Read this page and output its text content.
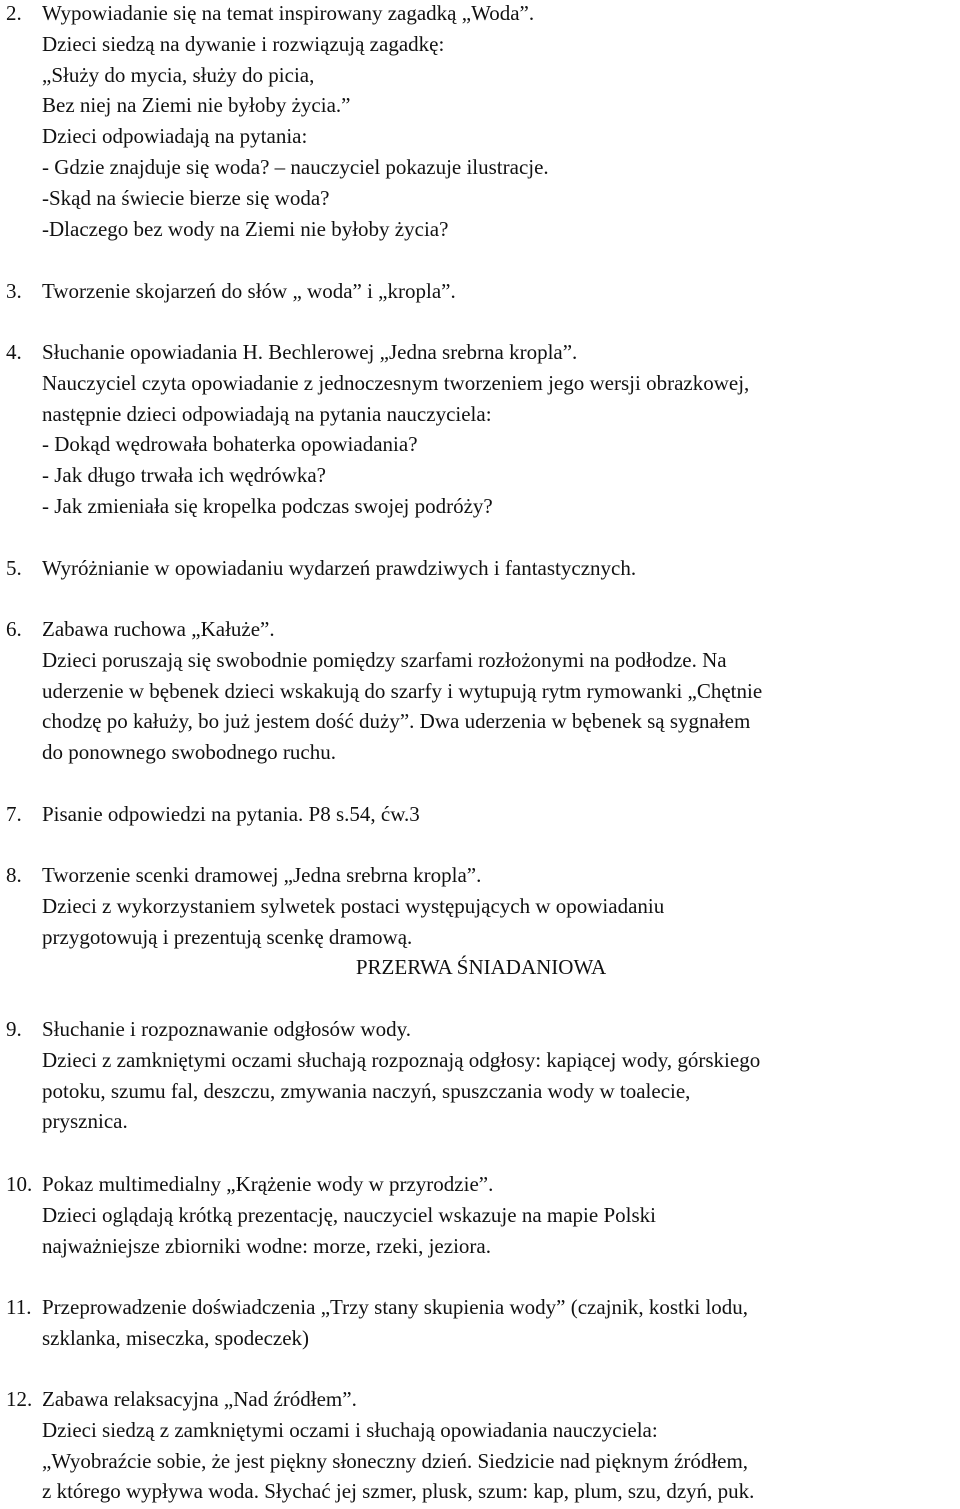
2. Wypowiadanie się na temat inspirowany zagadką „Woda”.
Dzieci siedzą na dywanie i rozwiązują zagadkę:
„Służy do mycia, służy do picia,
Bez niej na Ziemi nie byłoby życia.”
Dzieci odpowiadają na pytania:
- Gdzie znajduje się woda? – nauczyciel pokazuje ilustracje.
-Skąd na świecie bierze się woda?
-Dlaczego bez wody na Ziemi nie byłoby życia?
3. Tworzenie skojarzeń do słów „ woda” i „kropla”.
4. Słuchanie opowiadania H. Bechlerowej „Jedna srebrna kropla”.
Nauczyciel czyta opowiadanie z jednoczesnym tworzeniem jego wersji obrazkowej,
następnie dzieci odpowiadają na pytania nauczyciela:
- Dokąd wędrowała bohaterka opowiadania?
- Jak długo trwała ich wędrówka?
- Jak zmieniała się kropelka podczas swojej podróży?
5. Wyróżnianie w opowiadaniu wydarzeń prawdziwych i fantastycznych.
6. Zabawa ruchowa „Kałuże”.
Dzieci poruszają się swobodnie pomiędzy szarfami rozłożonymi na podłodze. Na
uderzenie w bębenek dzieci wskakują do szarfy i wytupują rytm rymowanki „Chętnie
chodzę po kałuży, bo już jestem dość duży”. Dwa uderzenia w bębenek są sygnałem
do ponownego swobodnego ruchu.
7. Pisanie odpowiedzi na pytania. P8 s.54, ćw.3
8. Tworzenie scenki dramowej „Jedna srebrna kropla”.
Dzieci z wykorzystaniem sylwetek postaci występujących w opowiadaniu
przygotowują i prezentują scenkę dramową.
PRZERWA ŚNIADANIOWA
9. Słuchanie i rozpoznawanie odgłosów wody.
Dzieci z zamkniętymi oczami słuchają rozpoznają odgłosy: kapiącej wody, górskiego
potoku, szumu fal, deszczu, zmywania naczyń, spuszczania wody w toalecie,
prysznica.
10. Pokaz multimedialny „Krążenie wody w przyrodzie”.
Dzieci oglądają krótką prezentację, nauczyciel wskazuje na mapie Polski
najważniejsze zbiorniki wodne: morze, rzeki, jeziora.
11. Przeprowadzenie doświadczenia „Trzy stany skupienia wody” (czajnik, kostki lodu,
szklanka, miseczka, spodeczek)
12. Zabawa relaksacyjna „Nad źródłem”.
Dzieci siedzą z zamkniętymi oczami i słuchają opowiadania nauczyciela:
„Wyobraźcie sobie, że jest piękny słoneczny dzień. Siedzicie nad pięknym źródłem,
z którego wypływa woda. Słychać jej szmer, plusk, szum: kap, plum, szu, dzyń, puk.
